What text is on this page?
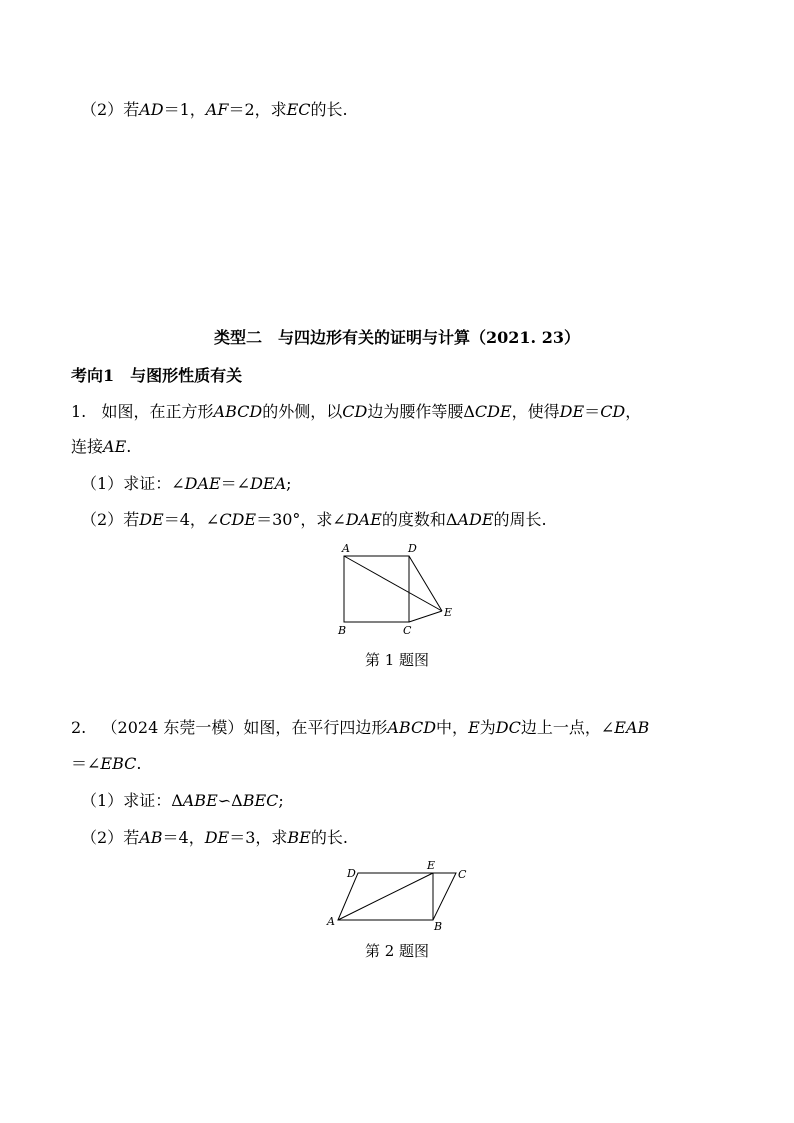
（2）若AD＝1，AF＝2，求EC的长.
类型二　与四边形有关的证明与计算（2021. 23）
考向1　与图形性质有关
1. 如图，在正方形ABCD的外侧，以CD边为腰作等腰ΔCDE，使得DE＝CD，
连接AE.
（1）求证：∠DAE＝∠DEA;
（2）若DE＝4，∠CDE＝30°，求∠DAE的度数和ΔADE的周长.
A	D
B	C
E
第 1 题图
2. （2024 东莞一模）如图，在平行四边形ABCD中，E为DC边上一点，∠EAB
＝∠EBC.
（1）求证：ΔABE∽ΔBEC;
（2）若AB＝4，DE＝3，求BE的长.
D
E
C
A	B
第 2 题图
